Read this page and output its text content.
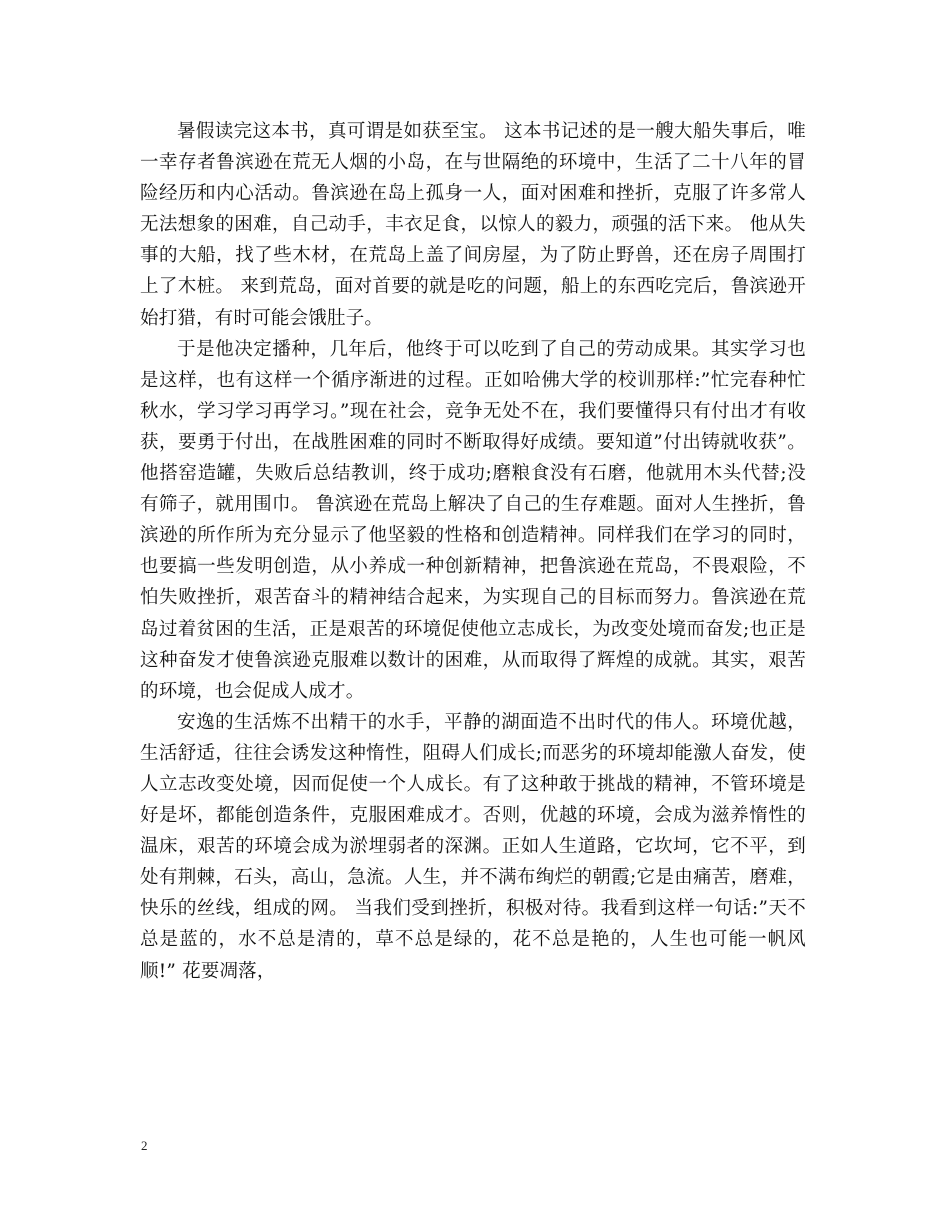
暑假读完这本书，真可谓是如获至宝。 这本书记述的是一艘大船失事后，唯一幸存者鲁滨逊在荒无人烟的小岛，在与世隔绝的环境中，生活了二十八年的冒险经历和内心活动。鲁滨逊在岛上孤身一人，面对困难和挫折，克服了许多常人无法想象的困难，自己动手，丰衣足食，以惊人的毅力，顽强的活下来。 他从失事的大船，找了些木材，在荒岛上盖了间房屋，为了防止野兽，还在房子周围打上了木桩。 来到荒岛，面对首要的就是吃的问题，船上的东西吃完后，鲁滨逊开始打猎，有时可能会饿肚子。

于是他决定播种，几年后，他终于可以吃到了自己的劳动成果。其实学习也是这样，也有这样一个循序渐进的过程。正如哈佛大学的校训那样:”忙完春种忙秋水，学习学习再学习。”现在社会，竞争无处不在，我们要懂得只有付出才有收获，要勇于付出，在战胜困难的同时不断取得好成绩。要知道”付出铸就收获”。 他搭窑造罐，失败后总结教训，终于成功;磨粮食没有石磨，他就用木头代替;没有筛子，就用围巾。 鲁滨逊在荒岛上解决了自己的生存难题。面对人生挫折，鲁滨逊的所作所为充分显示了他坚毅的性格和创造精神。同样我们在学习的同时，也要搞一些发明创造，从小养成一种创新精神，把鲁滨逊在荒岛，不畏艰险，不怕失败挫折，艰苦奋斗的精神结合起来，为实现自己的目标而努力。鲁滨逊在荒岛过着贫困的生活，正是艰苦的环境促使他立志成长，为改变处境而奋发;也正是这种奋发才使鲁滨逊克服难以数计的困难，从而取得了辉煌的成就。其实，艰苦的环境，也会促成人成才。

安逸的生活炼不出精干的水手，平静的湖面造不出时代的伟人。环境优越，生活舒适，往往会诱发这种惰性，阻碍人们成长;而恶劣的环境却能激人奋发，使人立志改变处境，因而促使一个人成长。有了这种敢于挑战的精神，不管环境是好是坏，都能创造条件，克服困难成才。否则，优越的环境，会成为滋养惰性的温床，艰苦的环境会成为淤埋弱者的深渊。正如人生道路，它坎坷，它不平，到处有荆棘，石头，高山，急流。人生，并不满布绚烂的朝霞;它是由痛苦，磨难，快乐的丝线，组成的网。 当我们受到挫折，积极对待。我看到这样一句话:”天不总是蓝的，水不总是清的，草不总是绿的，花不总是艳的，人生也可能一帆风顺!” 花要凋落，

2
